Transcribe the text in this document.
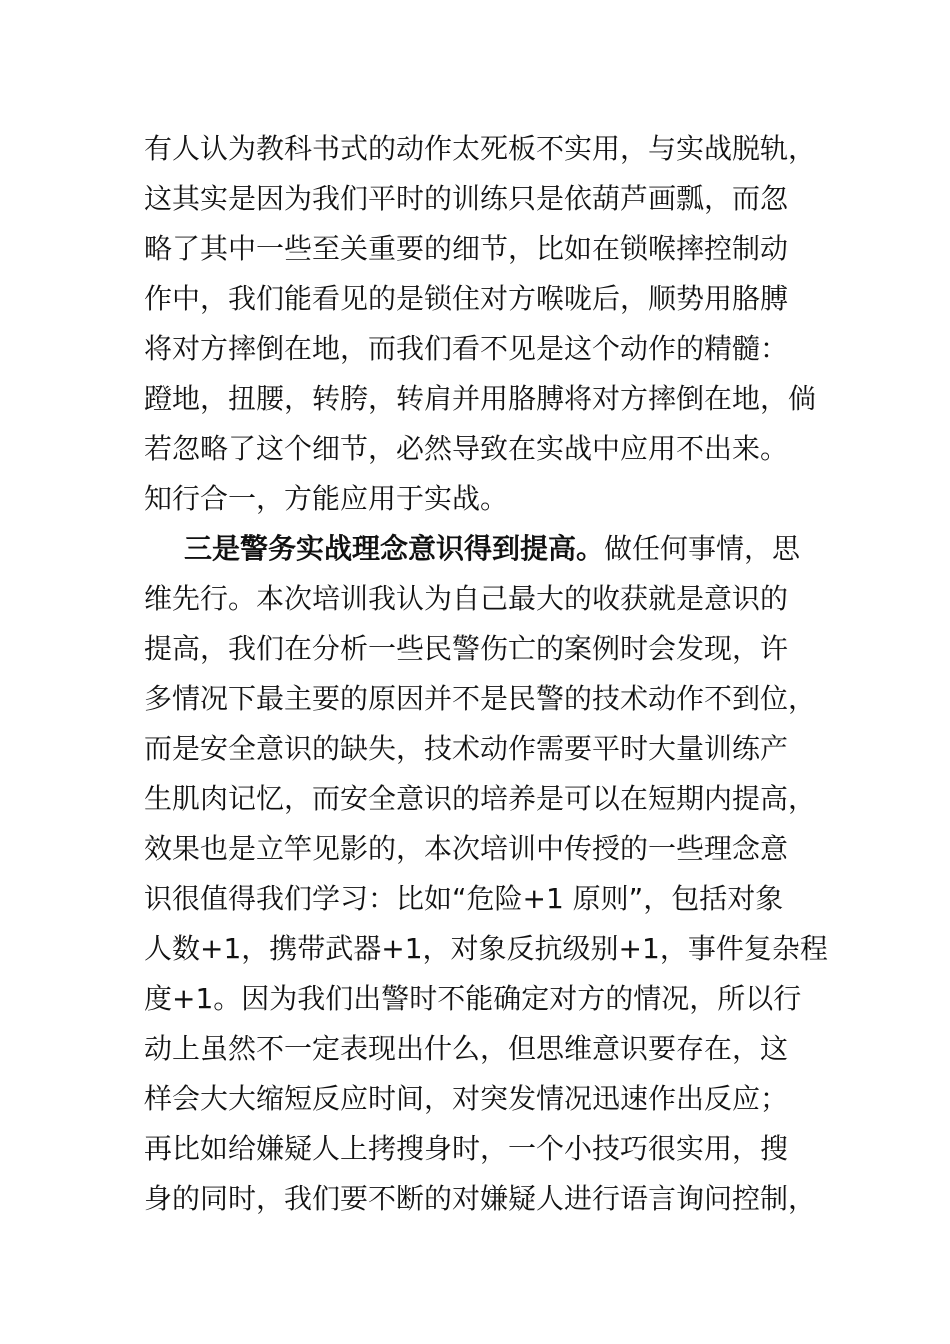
有人认为教科书式的动作太死板不实用，与实战脱轨，
这其实是因为我们平时的训练只是依葫芦画瓢，而忽
略了其中一些至关重要的细节，比如在锁喉摔控制动
作中，我们能看见的是锁住对方喉咙后，顺势用胳膊
将对方摔倒在地，而我们看不见是这个动作的精髓：
蹬地，扭腰，转胯，转肩并用胳膊将对方摔倒在地，倘
若忽略了这个细节，必然导致在实战中应用不出来。
知行合一，方能应用于实战。
三是警务实战理念意识得到提高。做任何事情，思
维先行。本次培训我认为自己最大的收获就是意识的
提高，我们在分析一些民警伤亡的案例时会发现，许
多情况下最主要的原因并不是民警的技术动作不到位，
而是安全意识的缺失，技术动作需要平时大量训练产
生肌肉记忆，而安全意识的培养是可以在短期内提高，
效果也是立竿见影的，本次培训中传授的一些理念意
识很值得我们学习：比如“危险+1 原则”，包括对象
人数+1，携带武器+1，对象反抗级别+1，事件复杂程
度+1。因为我们出警时不能确定对方的情况，所以行
动上虽然不一定表现出什么，但思维意识要存在，这
样会大大缩短反应时间，对突发情况迅速作出反应；
再比如给嫌疑人上拷搜身时，一个小技巧很实用，搜
身的同时，我们要不断的对嫌疑人进行语言询问控制，
